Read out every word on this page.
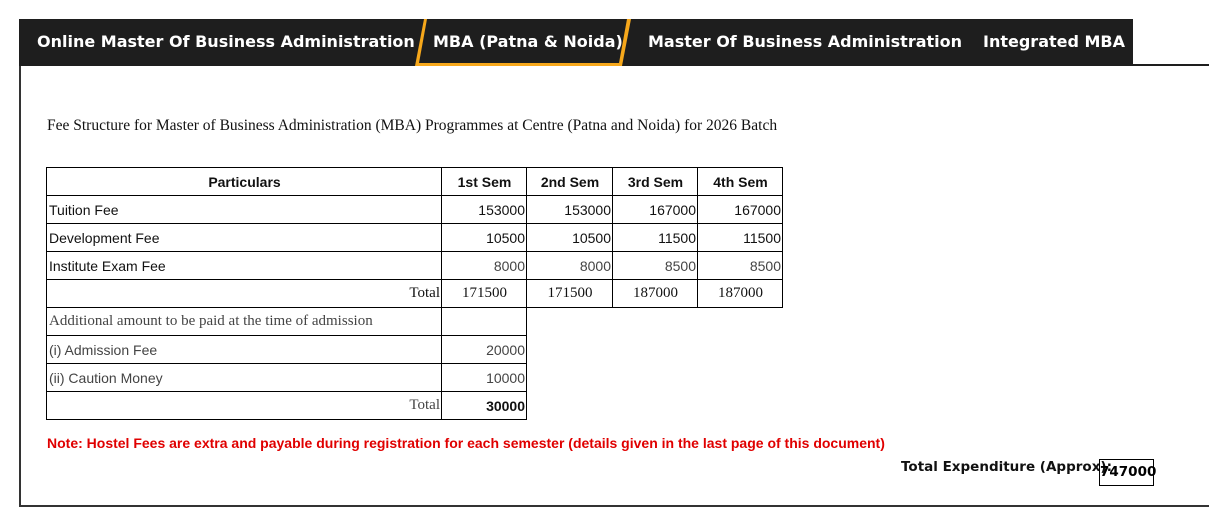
Online Master Of Business Administration MBA (Patna & Noida) Master Of Business Administration Integrated MBA
Fee Structure for Master of Business Administration (MBA) Programmes at Centre (Patna and Noida) for 2026 Batch
Particulars	1st Sem	2nd Sem	3rd Sem	4th Sem
Tuition Fee	153000	153000	167000	167000
Development Fee	10500	10500	11500	11500
Institute Exam Fee	8000	8000	8500	8500
Total	171500	171500	187000	187000
Additional amount to be paid at the time of admission				
(i) Admission Fee	20000			
(ii) Caution Money	10000			
Total	30000			
Note: Hostel Fees are extra and payable during registration for each semester (details given in the last page of this document)
Total Expenditure (Approx):
747000
